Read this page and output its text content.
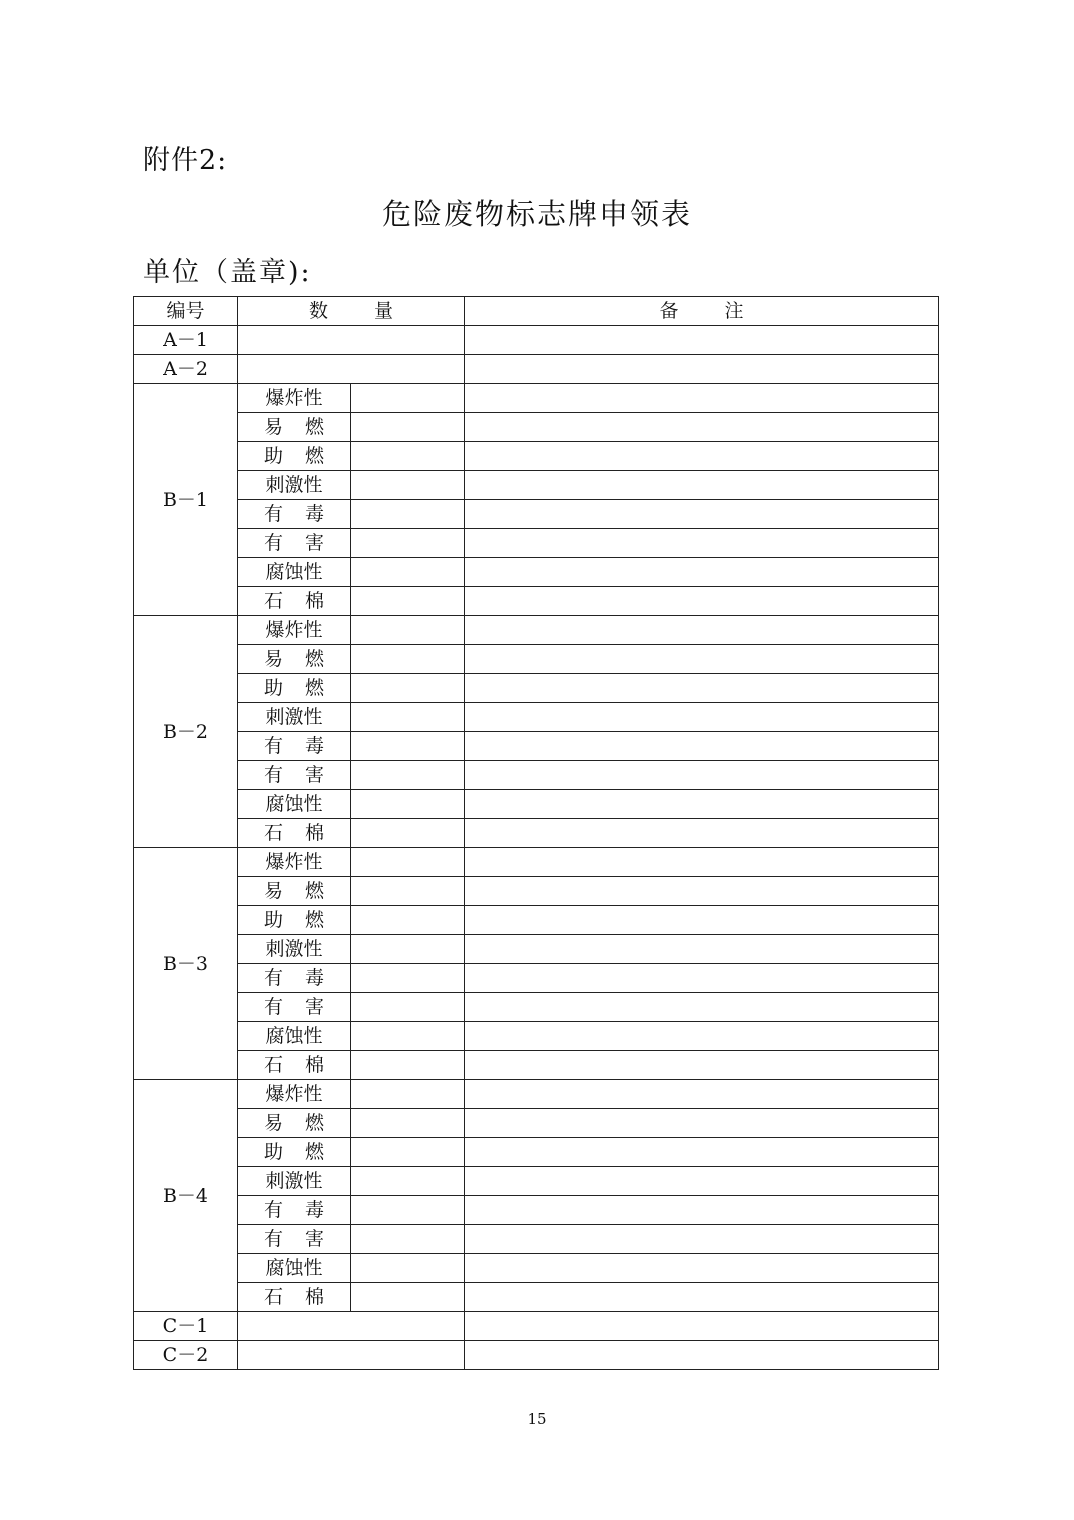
附件2:
危险废物标志牌申领表
单位（盖章):
编号	数 量		备 注

A－1			
A－2			
B－1	爆炸性		

	易 燃		

	助 燃		

	刺激性		

	有 毒		

	有 害		

	腐蚀性		

	石 棉		

B－2	爆炸性		

	易 燃		

	助 燃		

	刺激性		

	有 毒		

	有 害		

	腐蚀性		

	石 棉		

B－3	爆炸性		

	易 燃		

	助 燃		

	刺激性		

	有 毒		

	有 害		

	腐蚀性		

	石 棉		

B－4	爆炸性		

	易 燃		

	助 燃		

	刺激性		

	有 毒		

	有 害		

	腐蚀性		

	石 棉		

C－1			
C－2			
15
